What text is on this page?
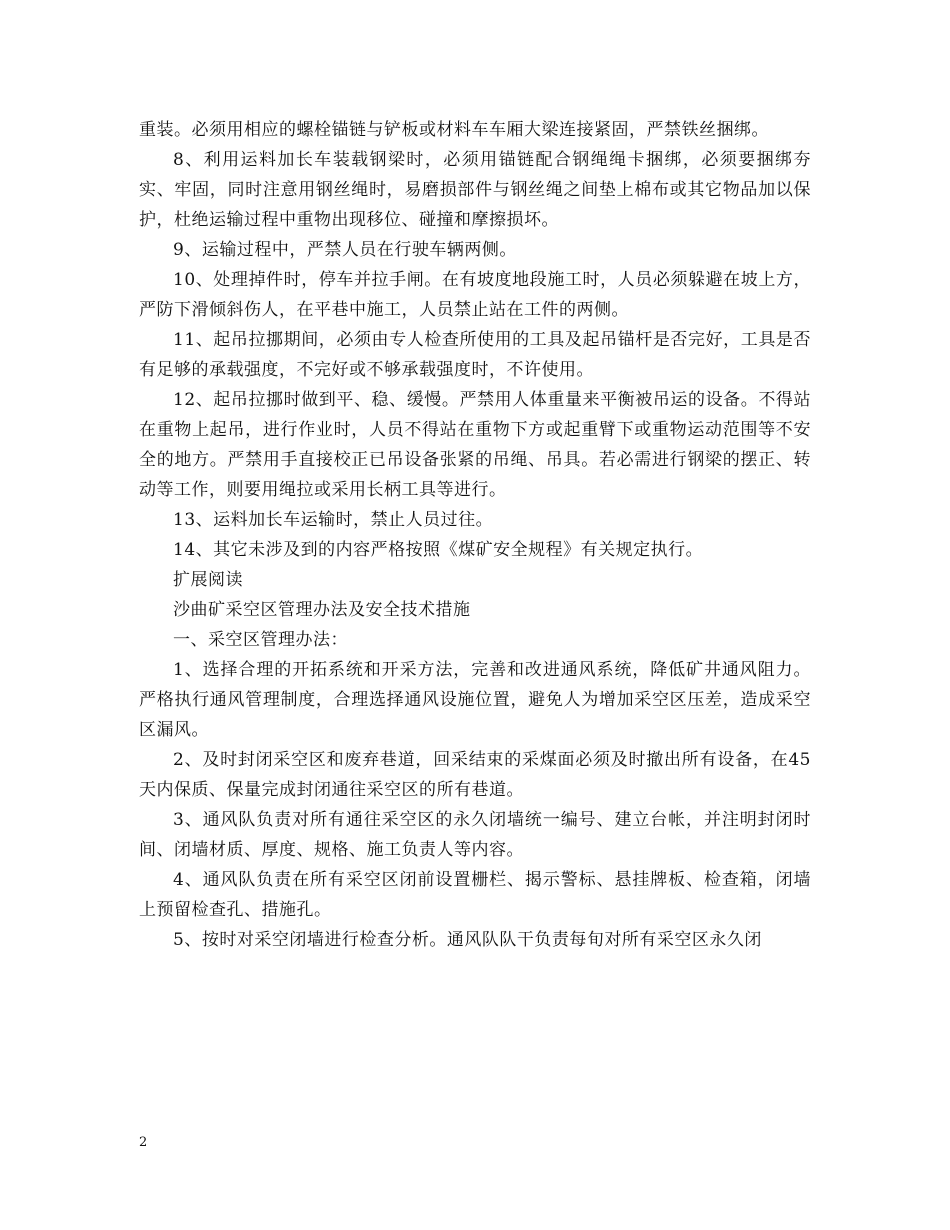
重装。必须用相应的螺栓锚链与铲板或材料车车厢大梁连接紧固，严禁铁丝捆绑。

8、利用运料加长车装载钢梁时，必须用锚链配合钢绳绳卡捆绑，必须要捆绑夯实、牢固，同时注意用钢丝绳时，易磨损部件与钢丝绳之间垫上棉布或其它物品加以保护，杜绝运输过程中重物出现移位、碰撞和摩擦损坏。

9、运输过程中，严禁人员在行驶车辆两侧。

10、处理掉件时，停车并拉手闸。在有坡度地段施工时，人员必须躲避在坡上方，严防下滑倾斜伤人，在平巷中施工，人员禁止站在工件的两侧。

11、起吊拉挪期间，必须由专人检查所使用的工具及起吊锚杆是否完好，工具是否有足够的承载强度，不完好或不够承载强度时，不许使用。

12、起吊拉挪时做到平、稳、缓慢。严禁用人体重量来平衡被吊运的设备。不得站在重物上起吊，进行作业时，人员不得站在重物下方或起重臂下或重物运动范围等不安全的地方。严禁用手直接校正已吊设备张紧的吊绳、吊具。若必需进行钢梁的摆正、转动等工作，则要用绳拉或采用长柄工具等进行。

13、运料加长车运输时，禁止人员过往。

14、其它未涉及到的内容严格按照《煤矿安全规程》有关规定执行。

扩展阅读

沙曲矿采空区管理办法及安全技术措施

一、采空区管理办法：

1、选择合理的开拓系统和开采方法，完善和改进通风系统，降低矿井通风阻力。严格执行通风管理制度，合理选择通风设施位置，避免人为增加采空区压差，造成采空区漏风。

2、及时封闭采空区和废弃巷道，回采结束的采煤面必须及时撤出所有设备，在45天内保质、保量完成封闭通往采空区的所有巷道。

3、通风队负责对所有通往采空区的永久闭墙统一编号、建立台帐，并注明封闭时间、闭墙材质、厚度、规格、施工负责人等内容。

4、通风队负责在所有采空区闭前设置栅栏、揭示警标、悬挂牌板、检查箱，闭墙上预留检查孔、措施孔。

5、按时对采空闭墙进行检查分析。通风队队干负责每旬对所有采空区永久闭

2
